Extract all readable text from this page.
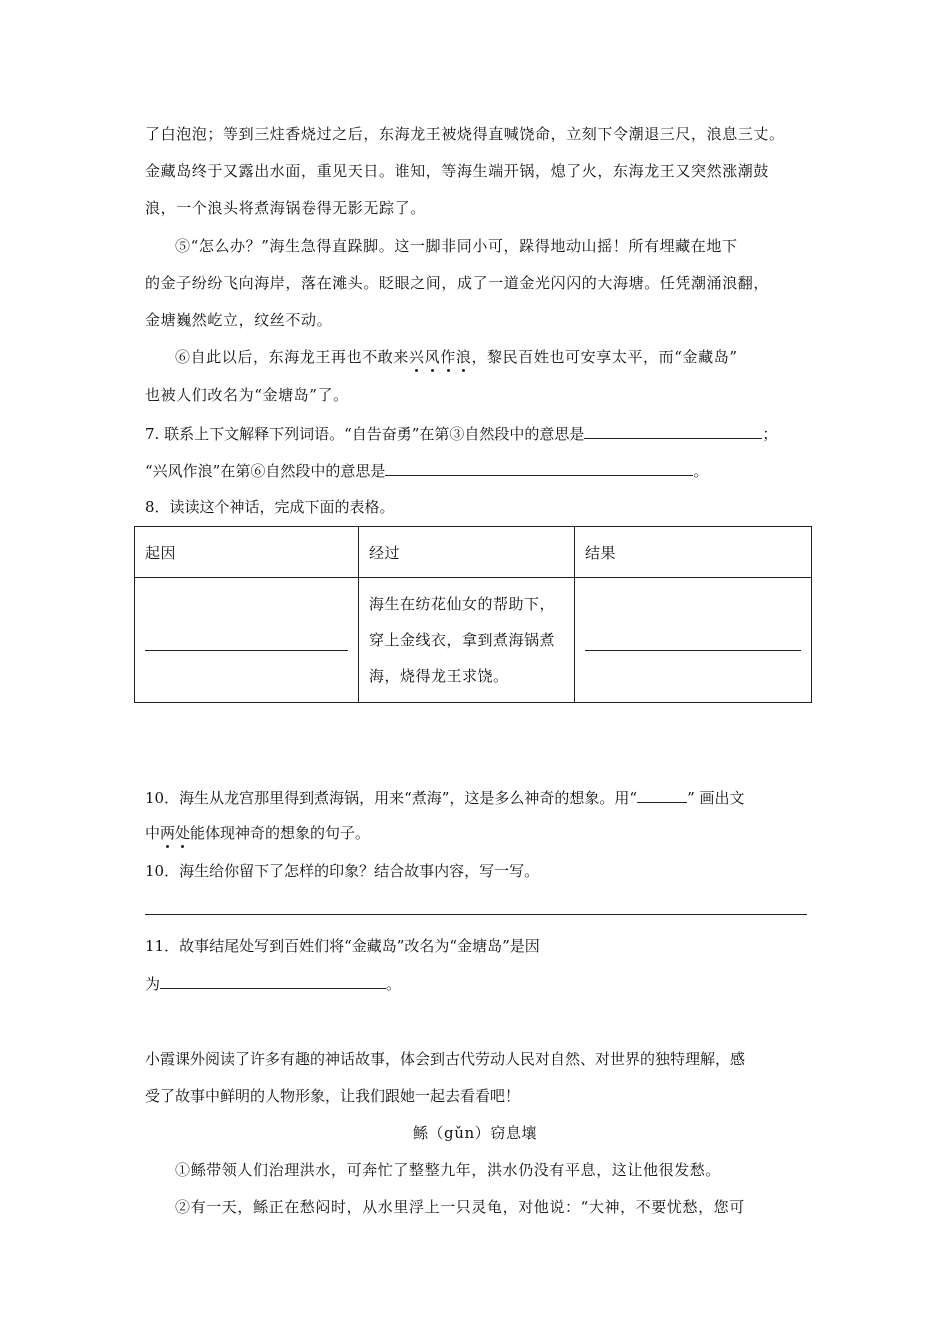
了白泡泡；等到三炷香烧过之后，东海龙王被烧得直喊饶命，立刻下令潮退三尺，浪息三丈。
金藏岛终于又露出水面，重见天日。谁知，等海生端开锅，熄了火，东海龙王又突然涨潮鼓
浪，一个浪头将煮海锅卷得无影无踪了。
⑤“怎么办？”海生急得直跺脚。这一脚非同小可，跺得地动山摇！所有埋藏在地下
的金子纷纷飞向海岸，落在滩头。眨眼之间，成了一道金光闪闪的大海塘。任凭潮涌浪翻，
金塘巍然屹立，纹丝不动。
⑥自此以后，东海龙王再也不敢来兴风作浪，黎民百姓也可安享太平，而“金藏岛”
也被人们改名为“金塘岛”了。
7. 联系上下文解释下列词语。“自告奋勇”在第③自然段中的意思是	；
“兴风作浪”在第⑥自然段中的意思是	。
8．读读这个神话，完成下面的表格。
起因	经过	结果

	海生在纺花仙女的帮助下，
穿上金线衣，拿到煮海锅煮
海，烧得龙王求饶。	

10．海生从龙宫那里得到煮海锅，用来“煮海”，这是多么神奇的想象。用“	” 画出文
中两处能体现神奇的想象的句子。
10．海生给你留下了怎样的印象？结合故事内容，写一写。
11．故事结尾处写到百姓们将“金藏岛”改名为“金塘岛”是因
为	。
小霞课外阅读了许多有趣的神话故事，体会到古代劳动人民对自然、对世界的独特理解，感
受了故事中鲜明的人物形象，让我们跟她一起去看看吧！
鲧（gǔn）窃息壤
①鲧带领人们治理洪水，可奔忙了整整九年，洪水仍没有平息，这让他很发愁。
②有一天，鲧正在愁闷时，从水里浮上一只灵龟，对他说：“大神，不要忧愁，您可
